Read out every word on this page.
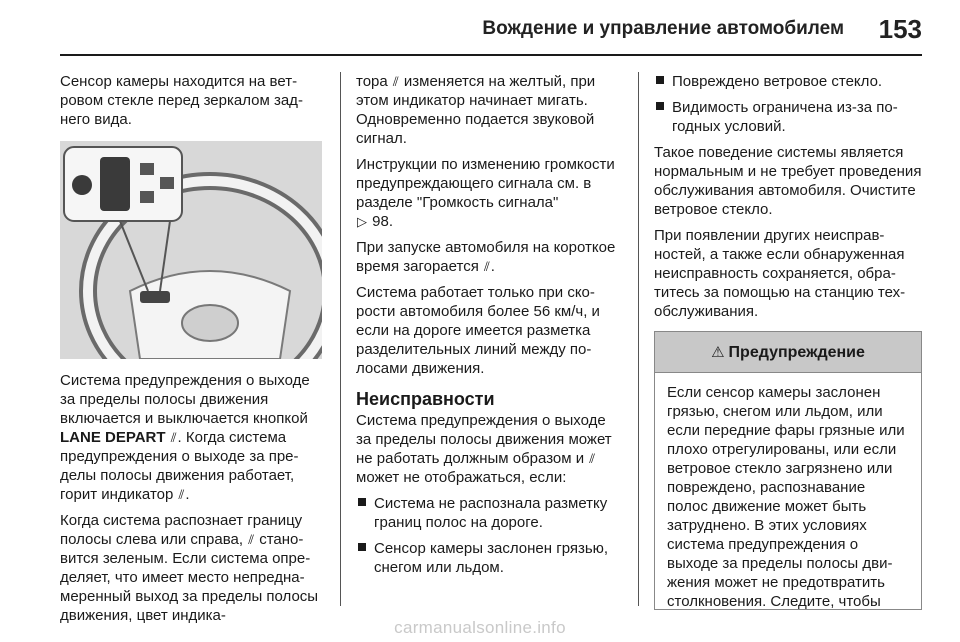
Вождение и управление автомобилем 153

Сенсор камеры находится на ветровом стекле перед зеркалом заднего вида.

Система предупреждения о выходе за пределы полосы движения включается и выключается кнопкой LANE DEPART ⫽. Когда система предупреждения о выходе за пределы полосы движения работает, горит индикатор ⫽.

Когда система распознает границу полосы слева или справа, ⫽ становится зеленым. Если система определяет, что имеет место непреднамеренный выход за пределы полосы движения, цвет индика-

тора ⫽ изменяется на желтый, при этом индикатор начинает мигать. Одновременно подается звуковой сигнал.

Инструкции по изменению громкости предупреждающего сигнала см. в разделе "Громкость сигнала"
▷ 98.

При запуске автомобиля на короткое время загорается ⫽.

Система работает только при скорости автомобиля более 56 км/ч, и если на дороге имеется разметка разделительных линий между полосами движения.

Неисправности

Система предупреждения о выходе за пределы полосы движения может не работать должным образом и ⫽ может не отображаться, если:

Система не распознала разметку границ полос на дороге.
Сенсор камеры заслонен грязью, снегом или льдом.
Повреждено ветровое стекло.
Видимость ограничена из-за погодных условий.

Такое поведение системы является нормальным и не требует проведения обслуживания автомобиля. Очистите ветровое стекло.

При появлении других неисправностей, а также если обнаруженная неисправность сохраняется, обратитесь за помощью на станцию техобслуживания.

⚠ Предупреждение
Если сенсор камеры заслонен грязью, снегом или льдом, или если передние фары грязные или плохо отрегулированы, или если ветровое стекло загрязнено или повреждено, распознавание полос движение может быть затруднено. В этих условиях система предупреждения о выходе за пределы полосы движения может не предотвратить столкновения. Следите, чтобы
carmanualsonline.info
